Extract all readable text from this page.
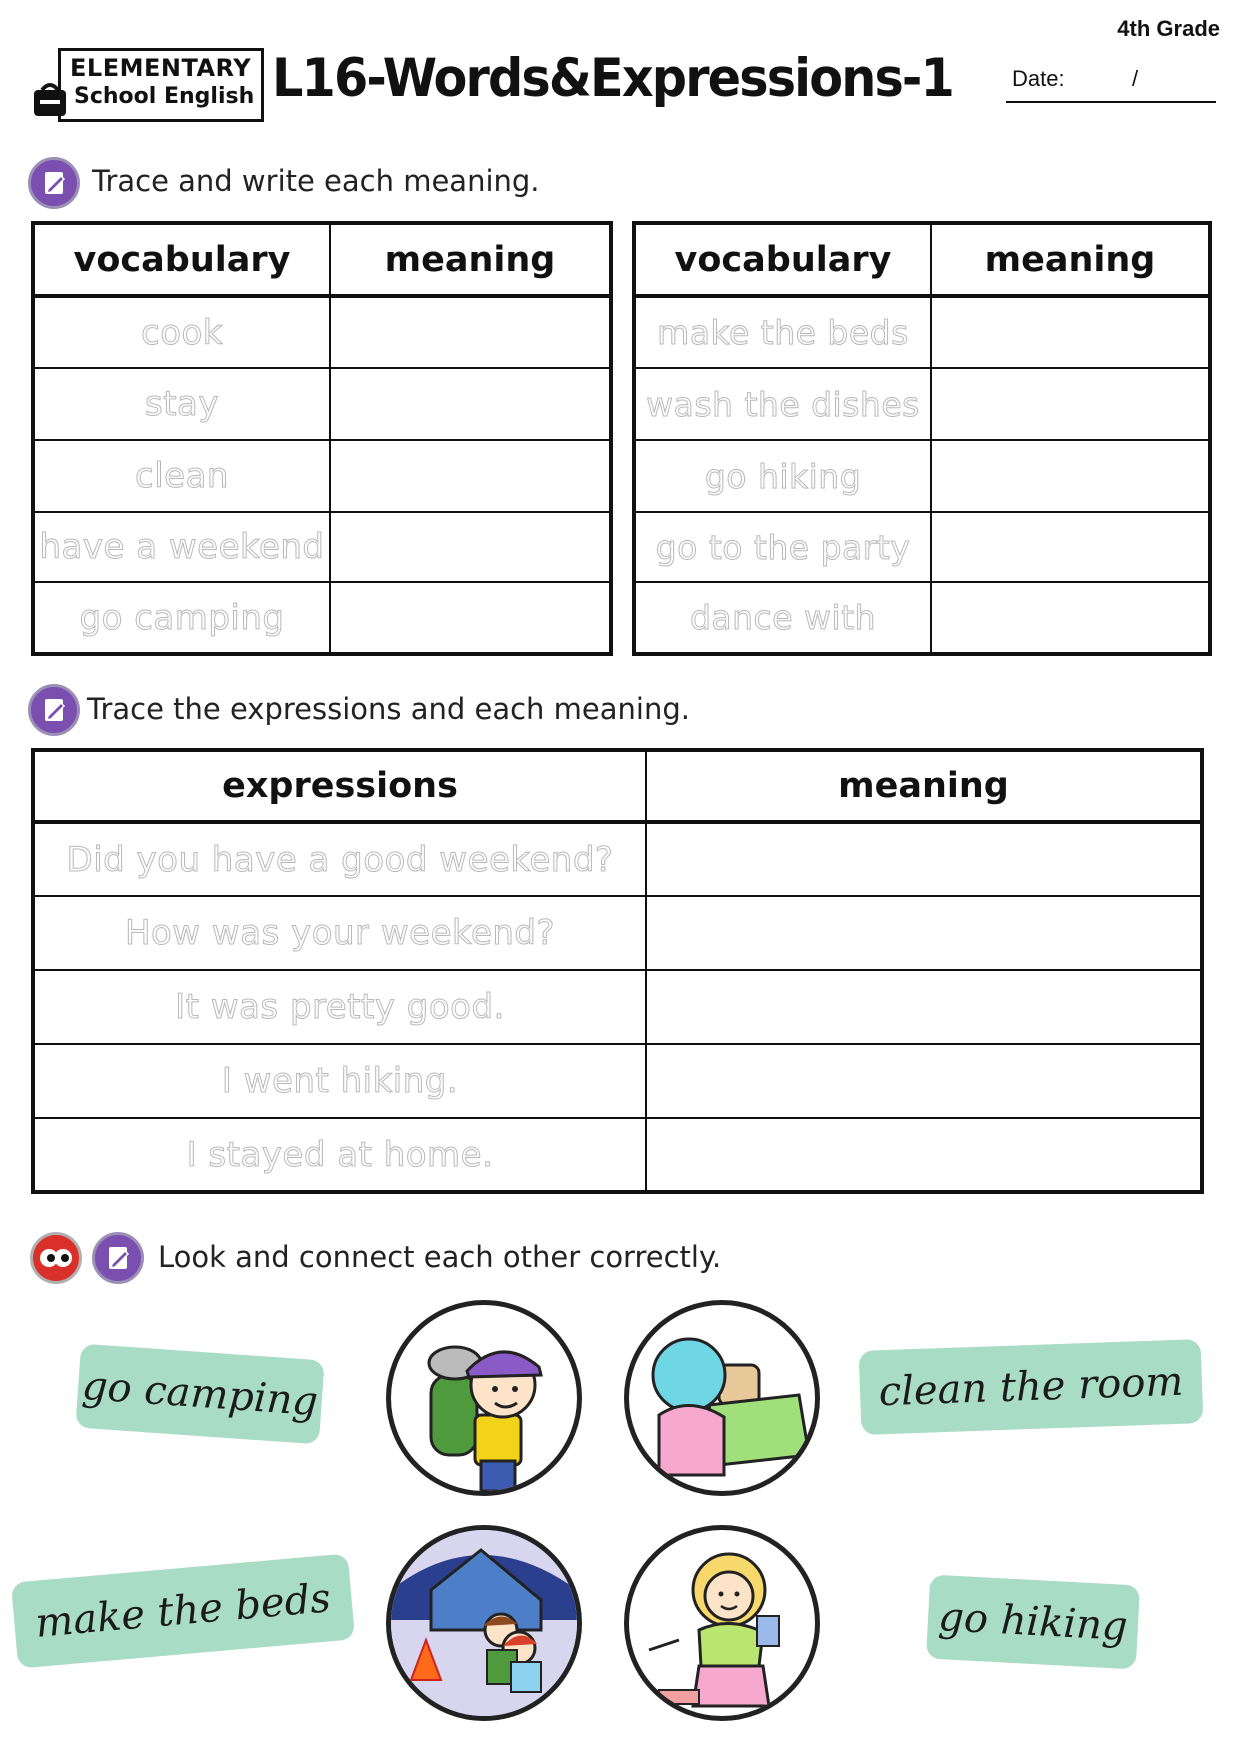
4th Grade
ELEMENTARY
School English L16-Words&Expressions-1	Date:	/
Trace and write each meaning.
vocabulary	meaning
cook	
stay	
clean	
have a weekend	
go camping	
vocabulary	meaning
make the beds	
wash the dishes	
go hiking	
go to the party	
dance with	
Trace the expressions and each meaning.
expressions	meaning
Did you have a good weekend?	
How was your weekend?	
It was pretty good.	
I went hiking.	
I stayed at home.	
Look and connect each other correctly.
go camping	clean the room
make the beds	go hiking
